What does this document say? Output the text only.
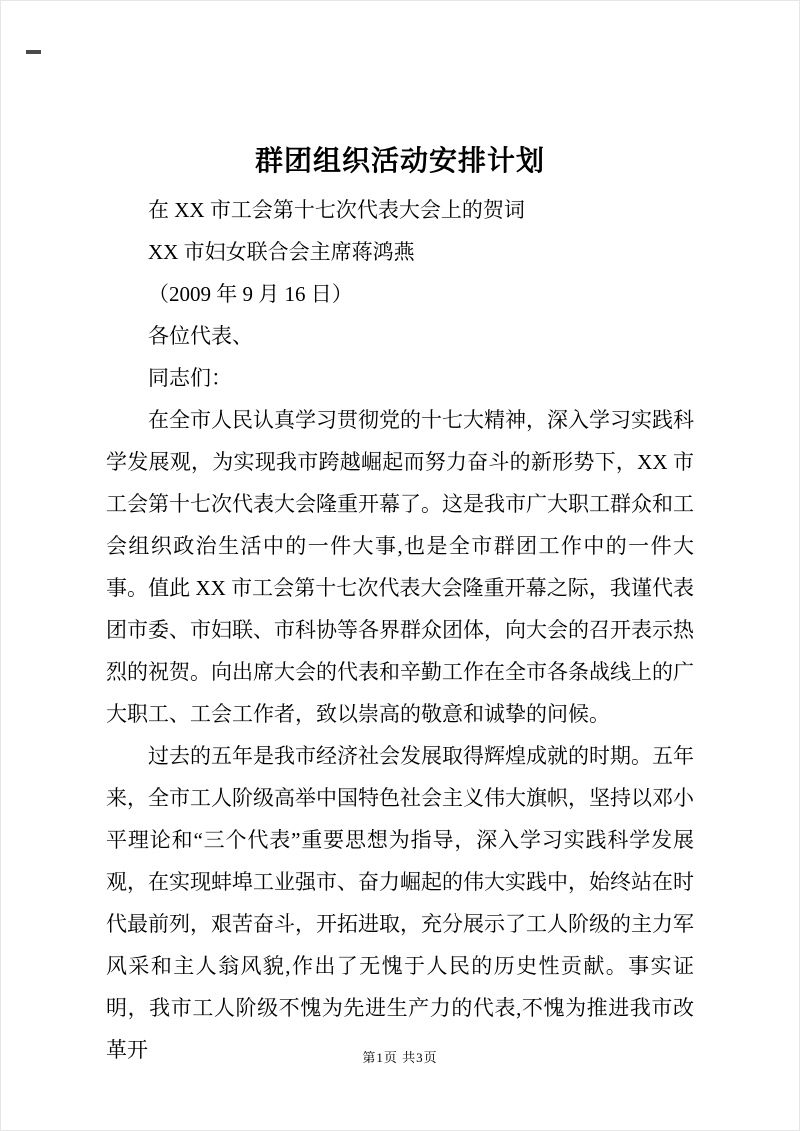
群团组织活动安排计划

在 XX 市工会第十七次代表大会上的贺词

XX 市妇女联合会主席蒋鸿燕

（2009 年 9 月 16 日）

各位代表、

同志们：

在全市人民认真学习贯彻党的十七大精神，深入学习实践科学发展观，为实现我市跨越崛起而努力奋斗的新形势下，XX 市工会第十七次代表大会隆重开幕了。这是我市广大职工群众和工会组织政治生活中的一件大事,也是全市群团工作中的一件大事。值此 XX 市工会第十七次代表大会隆重开幕之际，我谨代表团市委、市妇联、市科协等各界群众团体，向大会的召开表示热烈的祝贺。向出席大会的代表和辛勤工作在全市各条战线上的广大职工、工会工作者，致以崇高的敬意和诚挚的问候。

过去的五年是我市经济社会发展取得辉煌成就的时期。五年来，全市工人阶级高举中国特色社会主义伟大旗帜，坚持以邓小平理论和“三个代表”重要思想为指导，深入学习实践科学发展观，在实现蚌埠工业强市、奋力崛起的伟大实践中，始终站在时代最前列，艰苦奋斗，开拓进取，充分展示了工人阶级的主力军风采和主人翁风貌,作出了无愧于人民的历史性贡献。事实证明，我市工人阶级不愧为先进生产力的代表,不愧为推进我市改革开	第1页 共3页
